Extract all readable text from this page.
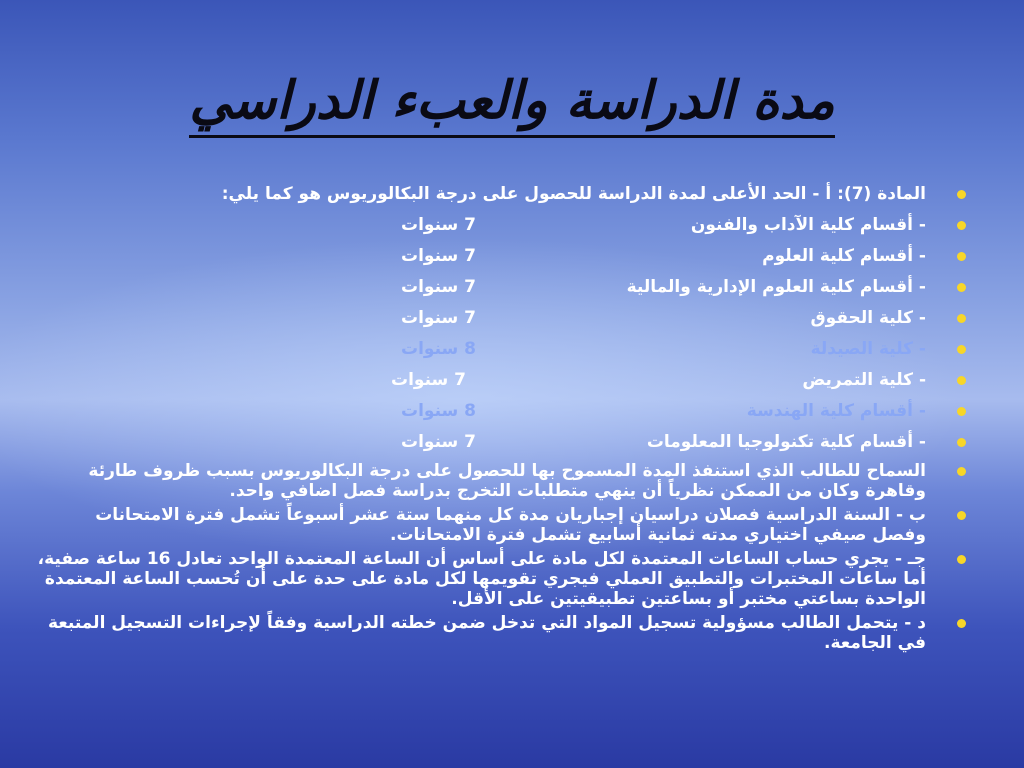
مدة الدراسة والعبء الدراسي
المادة (7): أ - الحد الأعلى لمدة الدراسة للحصول على درجة البكالوريوس هو كما يلي:
- أقسام كلية الآداب والفنون
7 سنوات
- أقسام كلية العلوم
7 سنوات
- أقسام كلية العلوم الإدارية والمالية
7 سنوات
- كلية الحقوق
7 سنوات
- كلية الصيدلة
8 سنوات
- كلية التمريض
7 سنوات
- أقسام كلية الهندسة
8 سنوات
- أقسام كلية تكنولوجيا المعلومات
7 سنوات
السماح للطالب الذي استنفذ المدة المسموح بها للحصول على درجة البكالوريوس بسبب ظروف طارئة وقاهرة وكان من الممكن نظرياً أن ينهي متطلبات التخرج بدراسة فصل اضافي واحد.
ب - السنة الدراسية فصلان دراسيان إجباريان مدة كل منهما ستة عشر أسبوعاً تشمل فترة الامتحانات وفصل صيفي اختياري مدته ثمانية أسابيع تشمل فترة الامتحانات.
جـ - يجري حساب الساعات المعتمدة لكل مادة على أساس أن الساعة المعتمدة الواحد تعادل 16 ساعة صفية، أما ساعات المختبرات والتطبيق العملي فيجري تقويمها لكل مادة على حدة على أن تُحسب الساعة المعتمدة الواحدة بساعتي مختبر أو بساعتين تطبيقيتين على الأقل.
د - يتحمل الطالب مسؤولية تسجيل المواد التي تدخل ضمن خطته الدراسية وفقاً لإجراءات التسجيل المتبعة في الجامعة.
